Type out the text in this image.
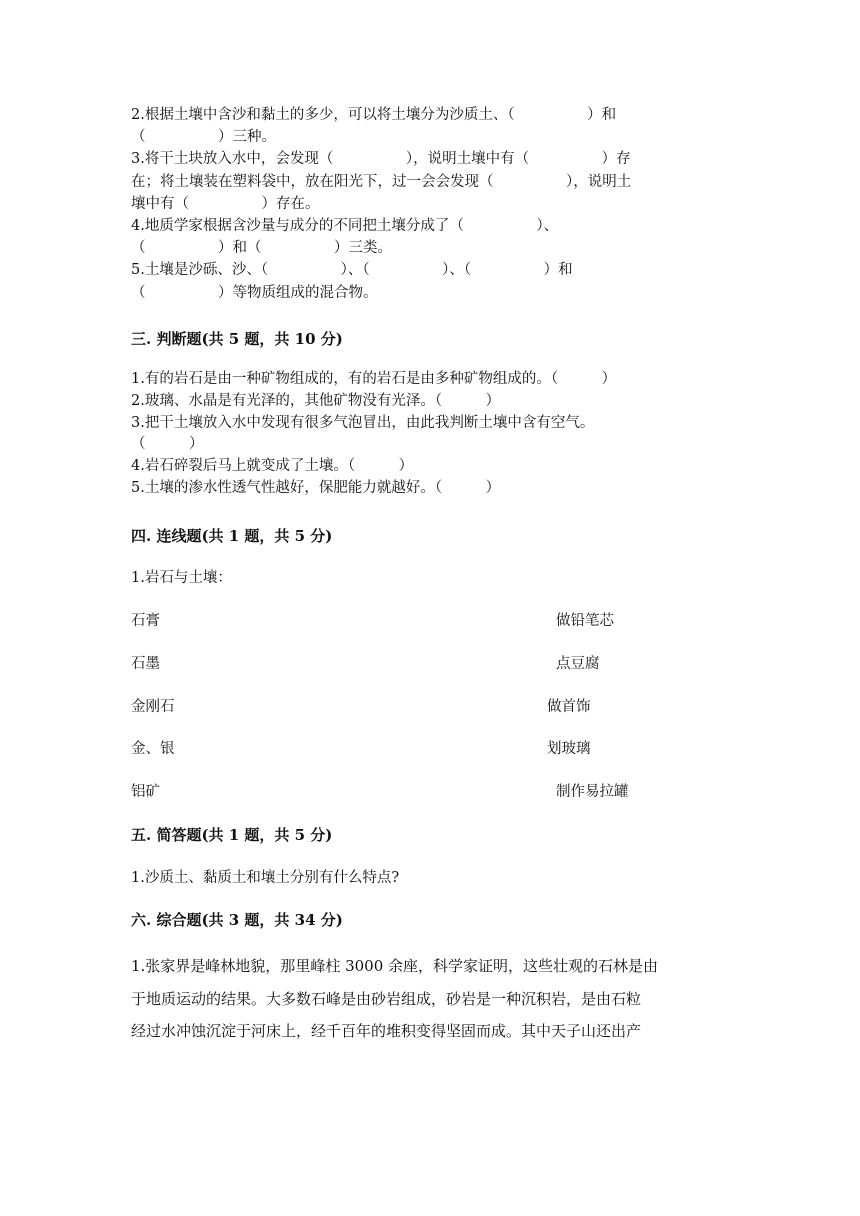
2.根据土壤中含沙和黏土的多少，可以将土壤分为沙质土、（　　　　　）和
（　　　　　）三种。
3.将干土块放入水中，会发现（　　　　　），说明土壤中有（　　　　　）存
在；将土壤装在塑料袋中，放在阳光下，过一会会发现（　　　　　），说明土
壤中有（　　　　　）存在。
4.地质学家根据含沙量与成分的不同把土壤分成了（　　　　　）、
（　　　　　）和（　　　　　）三类。
5.土壤是沙砾、沙、（　　　　　）、（　　　　　）、（　　　　　）和
（　　　　　）等物质组成的混合物。
三. 判断题(共 5 题，共 10 分)
1.有的岩石是由一种矿物组成的，有的岩石是由多种矿物组成的。（　　　）
2.玻璃、水晶是有光泽的，其他矿物没有光泽。（　　　）
3.把干土壤放入水中发现有很多气泡冒出，由此我判断土壤中含有空气。
（　　　）
4.岩石碎裂后马上就变成了土壤。（　　　）
5.土壤的渗水性透气性越好，保肥能力就越好。（　　　）
四. 连线题(共 1 题，共 5 分)
1.岩石与土壤：
石膏
石墨
金刚石
金、银
铝矿
做铅笔芯
点豆腐
做首饰
划玻璃
制作易拉罐
五. 简答题(共 1 题，共 5 分)
1.沙质土、黏质土和壤土分别有什么特点?
六. 综合题(共 3 题，共 34 分)
1.张家界是峰林地貌，那里峰柱 3000 余座，科学家证明，这些壮观的石林是由
于地质运动的结果。大多数石峰是由砂岩组成，砂岩是一种沉积岩，是由石粒
经过水冲蚀沉淀于河床上，经千百年的堆积变得坚固而成。其中天子山还出产
